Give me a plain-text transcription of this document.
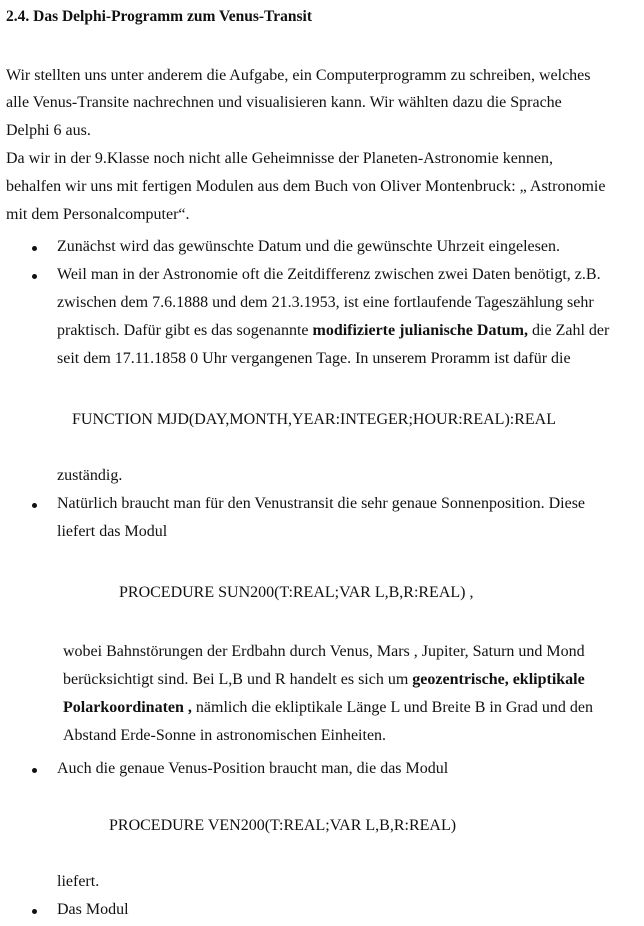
2.4. Das Delphi-Programm zum Venus-Transit
Wir stellten uns unter anderem die Aufgabe, ein Computerprogramm zu schreiben, welches
alle Venus-Transite nachrechnen und visualisieren kann. Wir wählten dazu die Sprache
Delphi 6 aus.
Da wir in der 9.Klasse noch nicht alle Geheimnisse der Planeten-Astronomie kennen,
behalfen wir uns mit fertigen Modulen aus dem Buch von Oliver Montenbruck: „ Astronomie
mit dem Personalcomputer“.
Zunächst wird das gewünschte Datum und die gewünschte Uhrzeit eingelesen.
Weil man in der Astronomie oft die Zeitdifferenz zwischen zwei Daten benötigt, z.B.
zwischen dem 7.6.1888 und dem 21.3.1953, ist eine fortlaufende Tageszählung sehr
praktisch. Dafür gibt es das sogenannte modifizierte julianische Datum, die Zahl der
seit dem 17.11.1858 0 Uhr vergangenen Tage. In unserem Proramm ist dafür die
FUNCTION MJD(DAY,MONTH,YEAR:INTEGER;HOUR:REAL):REAL
zuständig.
Natürlich braucht man für den Venustransit die sehr genaue Sonnenposition. Diese
liefert das Modul
PROCEDURE SUN200(T:REAL;VAR L,B,R:REAL) ,
wobei Bahnstörungen der Erdbahn durch Venus, Mars , Jupiter, Saturn und Mond
berücksichtigt sind. Bei L,B und R handelt es sich um geozentrische, ekliptikale
Polarkoordinaten , nämlich die ekliptikale Länge L und Breite B in Grad und den
Abstand Erde-Sonne in astronomischen Einheiten.
Auch die genaue Venus-Position braucht man, die das Modul
PROCEDURE VEN200(T:REAL;VAR L,B,R:REAL)
liefert.
Das Modul
